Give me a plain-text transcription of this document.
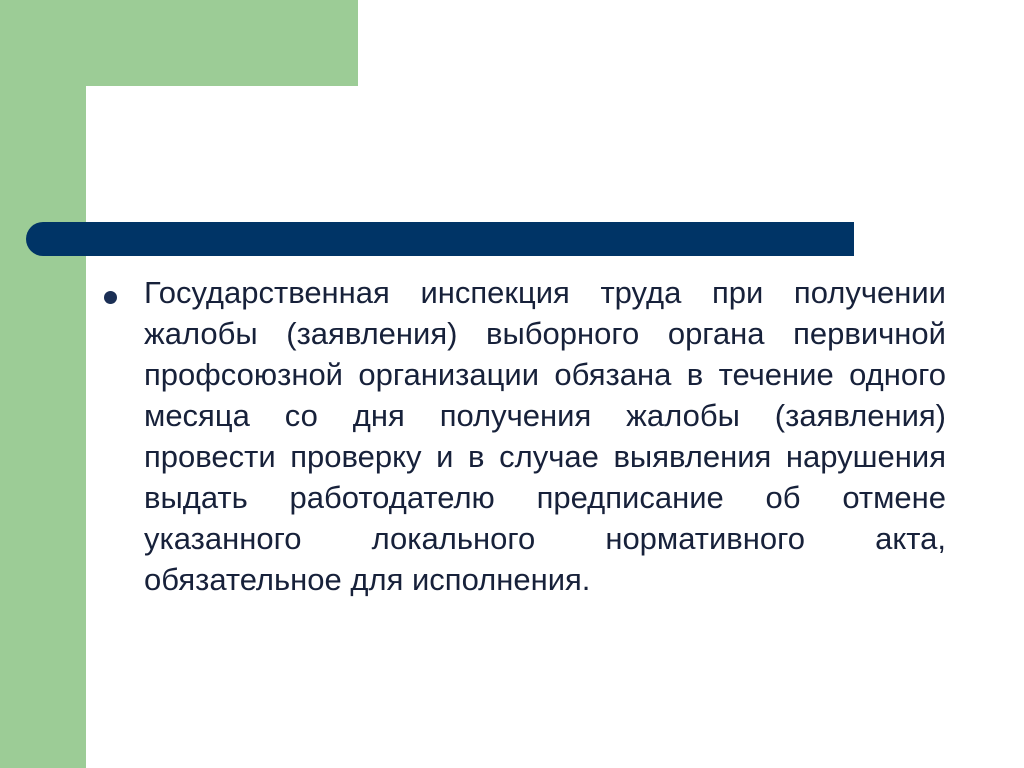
Государственная инспекция труда при получении жалобы (заявления) выборного органа первичной профсоюзной организации обязана в течение одного месяца со дня получения жалобы (заявления) провести проверку и в случае выявления нарушения выдать работодателю предписание об отмене указанного локального нормативного акта, обязательное для исполнения.
